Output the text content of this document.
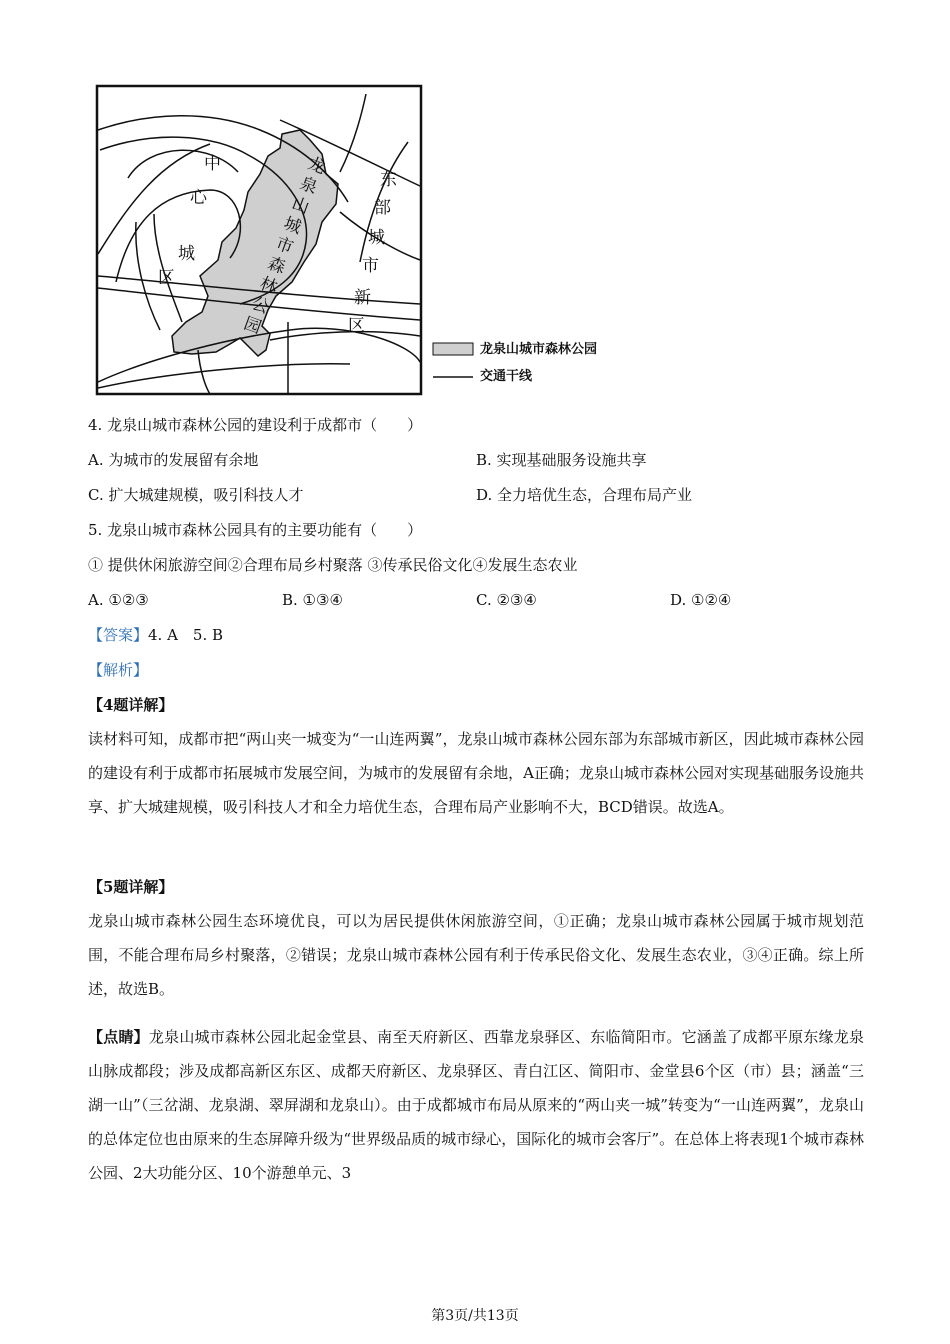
中
心
城
区
东
部
城
市
新
区
龙
泉
山
城
市
森
林
公
园
龙泉山城市森林公园
交通干线
4. 龙泉山城市森林公园的建设利于成都市（　　）
A. 为城市的发展留有余地	B. 实现基础服务设施共享
C. 扩大城建规模，吸引科技人才	D. 全力培优生态，合理布局产业
5. 龙泉山城市森林公园具有的主要功能有（　　）
① 提供休闲旅游空间②合理布局乡村聚落 ③传承民俗文化④发展生态农业
A. ①②③	B. ①③④	C. ②③④	D. ①②④
【答案】4. A　5. B
【解析】
【4题详解】
读材料可知，成都市把“两山夹一城变为“一山连两翼”，龙泉山城市森林公园东部为东部城市新区，因此城市森林公园的建设有利于成都市拓展城市发展空间，为城市的发展留有余地，A正确；龙泉山城市森林公园对实现基础服务设施共享、扩大城建规模，吸引科技人才和全力培优生态，合理布局产业影响不大，BCD错误。故选A。
【5题详解】
龙泉山城市森林公园生态环境优良，可以为居民提供休闲旅游空间，①正确；龙泉山城市森林公园属于城市规划范围，不能合理布局乡村聚落，②错误；龙泉山城市森林公园有利于传承民俗文化、发展生态农业，③④正确。综上所述，故选B。
【点睛】龙泉山城市森林公园北起金堂县、南至天府新区、西靠龙泉驿区、东临简阳市。它涵盖了成都平原东缘龙泉山脉成都段；涉及成都高新区东区、成都天府新区、龙泉驿区、青白江区、简阳市、金堂县6个区（市）县；涵盖“三湖一山”（三岔湖、龙泉湖、翠屏湖和龙泉山）。由于成都城市布局从原来的“两山夹一城”转变为“一山连两翼”，龙泉山的总体定位也由原来的生态屏障升级为“世界级品质的城市绿心，国际化的城市会客厅”。在总体上将表现1个城市森林公园、2大功能分区、10个游憩单元、3
第3页/共13页
